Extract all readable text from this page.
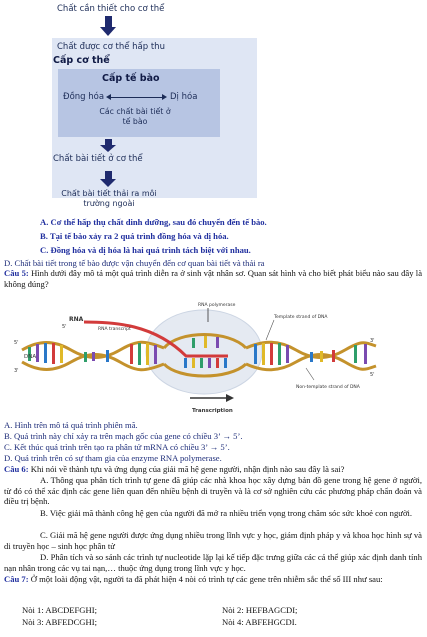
Chất cần thiết cho cơ thể
Chất được cơ thể hấp thu
Cấp cơ thể
Cấp tế bào
Đồng hóa	Dị hóa
Các chất bài tiết ở tế bào
Chất bài tiết ở cơ thể
Chất bài tiết thải ra môi trường ngoài
A. Cơ thể hấp thụ chất dinh dưỡng, sau đó chuyển đến tế bào.
B. Tại tế bào xảy ra 2 quá trình đồng hóa và dị hóa.
C. Đồng hóa và dị hóa là hai quá trình tách biệt với nhau.
D. Chất bài tiết trong tế bào được vận chuyển đến cơ quan bài tiết và thải ra
Câu 5: Hình dưới đây mô tả một quá trình diễn ra ở sinh vật nhân sơ. Quan sát hình và cho biết phát biểu nào sau đây là không đúng?
RNA polymerase
RNA
5'	RNA transcript
Template strand of DNA
Non-template strand of DNA
DNA
5'
3'
3'
5'
Transcription
A. Hình trên mô tả quá trình phiên mã.
B. Quá trình này chỉ xảy ra trên mạch gốc của gene có chiều 3’ → 5’.
C. Kết thúc quá trình trên tạo ra phân tử mRNA có chiều 3’ → 5’.
D. Quá trình trên có sự tham gia của enzyme RNA polymerase.
Câu 6: Khi nói về thành tựu và ứng dụng của giải mã hệ gene người, nhận định nào sau đây là sai?
A. Thông qua phân tích trình tự gene đã giúp các nhà khoa học xây dựng bản đồ gene trong hệ gene ở người, từ đó có thể xác định các gene liên quan đến nhiều bệnh di truyền và là cơ sở nghiên cứu các phương pháp chẩn đoán và điều trị bệnh.
B. Việc giải mã thành công hệ gen của người đã mở ra nhiều triển vọng trong chăm sóc sức khoẻ con người.
C. Giải mã hệ gene người được ứng dụng nhiều trong lĩnh vực y học, giám định pháp y và khoa học hình sự và di truyền học – sinh học phân tử
D. Phân tích và so sánh các trình tự nucleotide lặp lại kế tiếp đặc trưng giữa các cá thể giúp xác định danh tính nạn nhân trong các vụ tai nạn,… thuộc ứng dụng trong lĩnh vực y học.
Câu 7: Ở một loài động vật, người ta đã phát hiện 4 nòi có trình tự các gene trên nhiễm sắc thể số III như sau:
Nòi 1: ABCDEFGHI;	Nòi 2: HEFBAGCDI;
Nòi 3: ABFEDCGHI;	Nòi 4: ABFEHGCDI.
